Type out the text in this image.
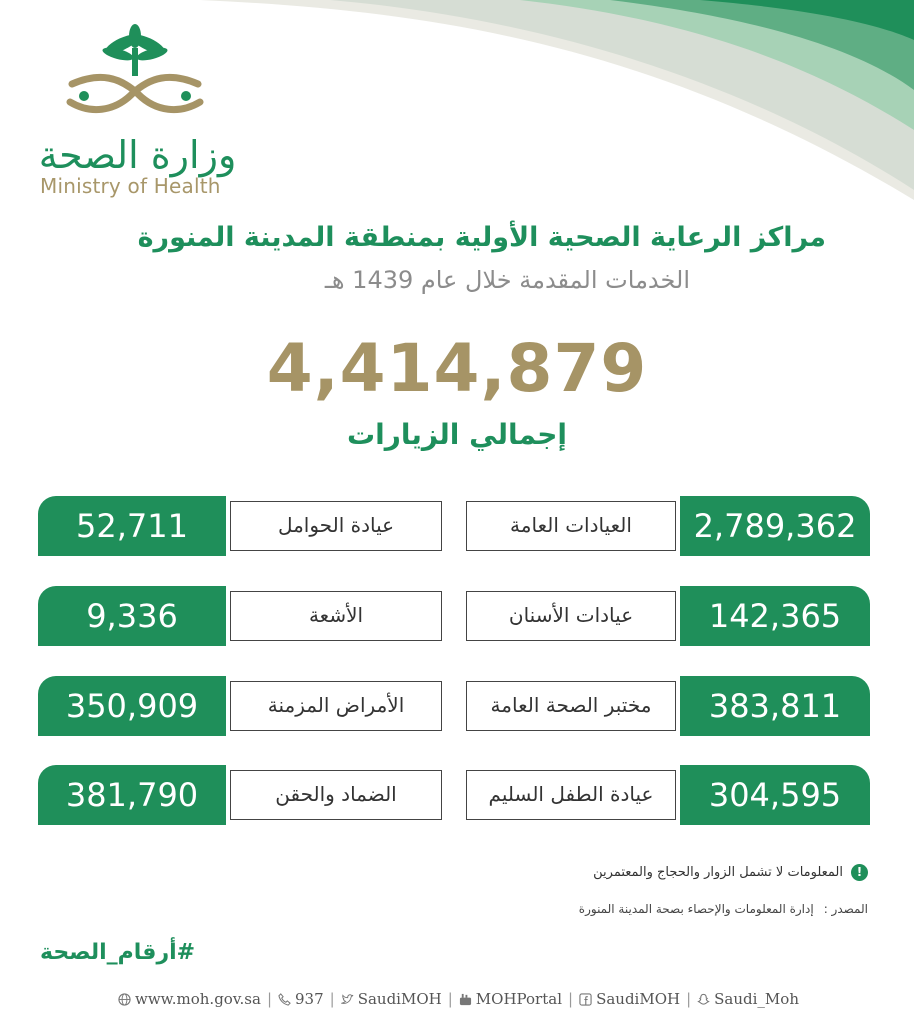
وزارة الصحة
Ministry of Health
مراكز الرعاية الصحية الأولية بمنطقة المدينة المنورة
الخدمات المقدمة خلال عام 1439 هـ
4,414,879
إجمالي الزيارات
العيادات العامة	2,789,362
52,711	عيادة الحوامل
عيادات الأسنان	142,365
9,336	الأشعة
مختبر الصحة العامة	383,811
350,909	الأمراض المزمنة
عيادة الطفل السليم	304,595
381,790	الضماد والحقن
!
المعلومات لا تشمل الزوار والحجاج والمعتمرين
المصدر :إدارة المعلومات والإحصاء بصحة المدينة المنورة
#أرقام_الصحة
www.moh.gov.sa | 937 | SaudiMOH | MOHPortal | SaudiMOH | Saudi_Moh
